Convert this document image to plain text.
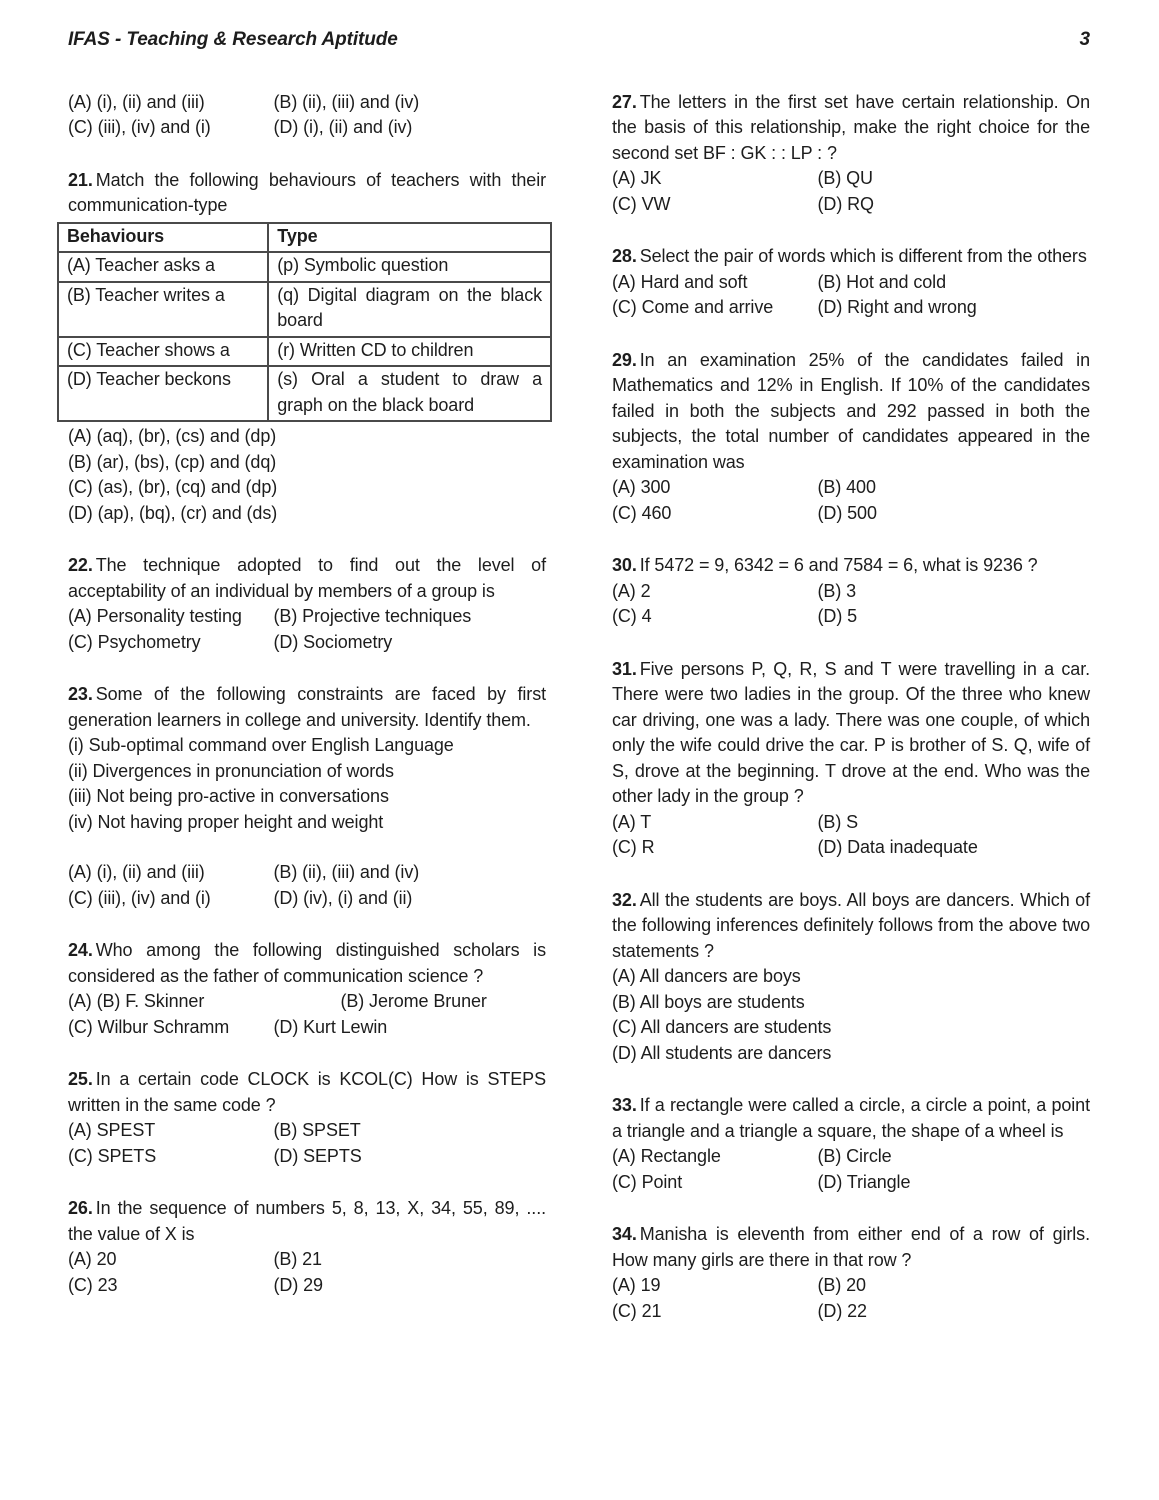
IFAS - Teaching & Research Aptitude	3
(A) (i), (ii) and (iii)	(B) (ii), (iii) and (iv)
(C) (iii), (iv) and (i)	(D) (i), (ii) and (iv)

21. Match the following behaviours of teachers with their communication-type

Behaviours	Type
(A) Teacher asks a	(p) Symbolic question
(B) Teacher writes a	(q) Digital diagram on the black board
(C) Teacher shows a	(r) Written CD to children
(D) Teacher beckons	(s) Oral a student to draw a graph on the black board
(A) (aq), (br), (cs) and (dp)
(B) (ar), (bs), (cp) and (dq)
(C) (as), (br), (cq) and (dp)
(D) (ap), (bq), (cr) and (ds)

22. The technique adopted to find out the level of acceptability of an individual by members of a group is

(A) Personality testing	(B) Projective techniques
(C) Psychometry	(D) Sociometry

23. Some of the following constraints are faced by first generation learners in college and university. Identify them.

(i) Sub-optimal command over English Language
(ii) Divergences in pronunciation of words
(iii) Not being pro-active in conversations
(iv) Not having proper height and weight
(A) (i), (ii) and (iii)	(B) (ii), (iii) and (iv)
(C) (iii), (iv) and (i)	(D) (iv), (i) and (ii)

24. Who among the following distinguished scholars is considered as the father of communication science ?

(A) (B) F. Skinner	(B) Jerome Bruner
(C) Wilbur Schramm	(D) Kurt Lewin

25. In a certain code CLOCK is KCOL(C) How is STEPS written in the same code ?

(A) SPEST	(B) SPSET
(C) SPETS	(D) SEPTS

26. In the sequence of numbers 5, 8, 13, X, 34, 55, 89, .... the value of X is

(A) 20	(B) 21
(C) 23	(D) 29

27. The letters in the first set have certain relationship. On the basis of this relationship, make the right choice for the second set BF : GK : : LP : ?

(A) JK	(B) QU
(C) VW	(D) RQ

28. Select the pair of words which is different from the others

(A) Hard and soft	(B) Hot and cold
(C) Come and arrive	(D) Right and wrong

29. In an examination 25% of the candidates failed in Mathematics and 12% in English. If 10% of the candidates failed in both the subjects and 292 passed in both the subjects, the total number of candidates appeared in the examination was

(A) 300	(B) 400
(C) 460	(D) 500

30. If 5472 = 9, 6342 = 6 and 7584 = 6, what is 9236 ?

(A) 2	(B) 3
(C) 4	(D) 5

31. Five persons P, Q, R, S and T were travelling in a car. There were two ladies in the group. Of the three who knew car driving, one was a lady. There was one couple, of which only the wife could drive the car. P is brother of S. Q, wife of S, drove at the beginning. T drove at the end. Who was the other lady in the group ?

(A) T	(B) S
(C) R	(D) Data inadequate

32. All the students are boys. All boys are dancers. Which of the following inferences definitely follows from the above two statements ?

(A) All dancers are boys
(B) All boys are students
(C) All dancers are students
(D) All students are dancers

33. If a rectangle were called a circle, a circle a point, a point a triangle and a triangle a square, the shape of a wheel is

(A) Rectangle	(B) Circle
(C) Point	(D) Triangle

34. Manisha is eleventh from either end of a row of girls. How many girls are there in that row ?

(A) 19	(B) 20
(C) 21	(D) 22
